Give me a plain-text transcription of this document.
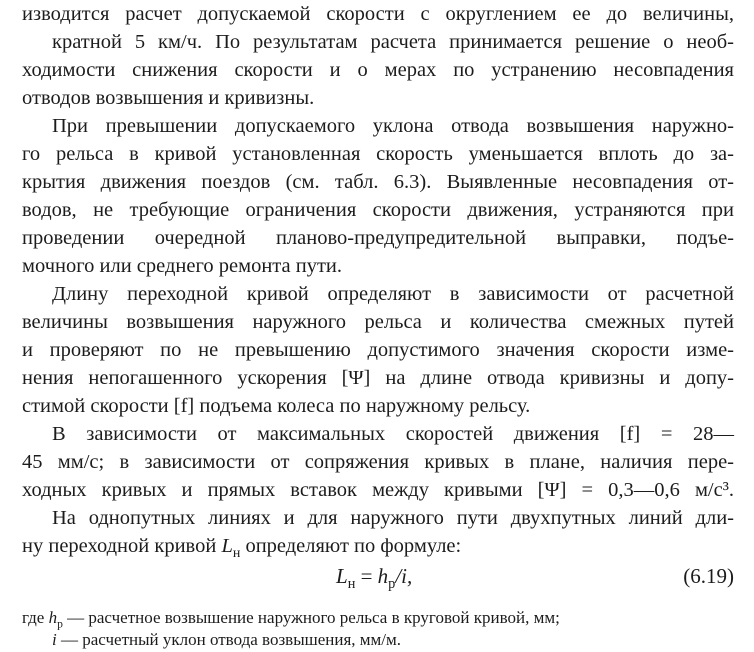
изводится расчет допускаемой скорости с округлением ее до величины,
кратной 5 км/ч. По результатам расчета принимается решение о необ-
ходимости снижения скорости и о мерах по устранению несовпадения
отводов возвышения и кривизны.
При превышении допускаемого уклона отвода возвышения наружно-
го рельса в кривой установленная скорость уменьшается вплоть до за-
крытия движения поездов (см. табл. 6.3). Выявленные несовпадения от-
водов, не требующие ограничения скорости движения, устраняются при
проведении очередной планово-предупредительной выправки, подъе-
мочного или среднего ремонта пути.
Длину переходной кривой определяют в зависимости от расчетной
величины возвышения наружного рельса и количества смежных путей
и проверяют по не превышению допустимого значения скорости изме-
нения непогашенного ускорения [Ψ] на длине отвода кривизны и допу-
стимой скорости [f] подъема колеса по наружному рельсу.
В зависимости от максимальных скоростей движения [f] = 28—
45 мм/с; в зависимости от сопряжения кривых в плане, наличия пере-
ходных кривых и прямых вставок между кривыми [Ψ] = 0,3—0,6 м/с³.
На однопутных линиях и для наружного пути двухпутных линий дли-
$L_н = h_р/i$,	(6.19)
где $h_р$ — расчетное возвышение наружного рельса в круговой кривой, мм;
i — расчетный уклон отвода возвышения, мм/м.
ну переходной кривой $L_н$ определяют по формуле:
